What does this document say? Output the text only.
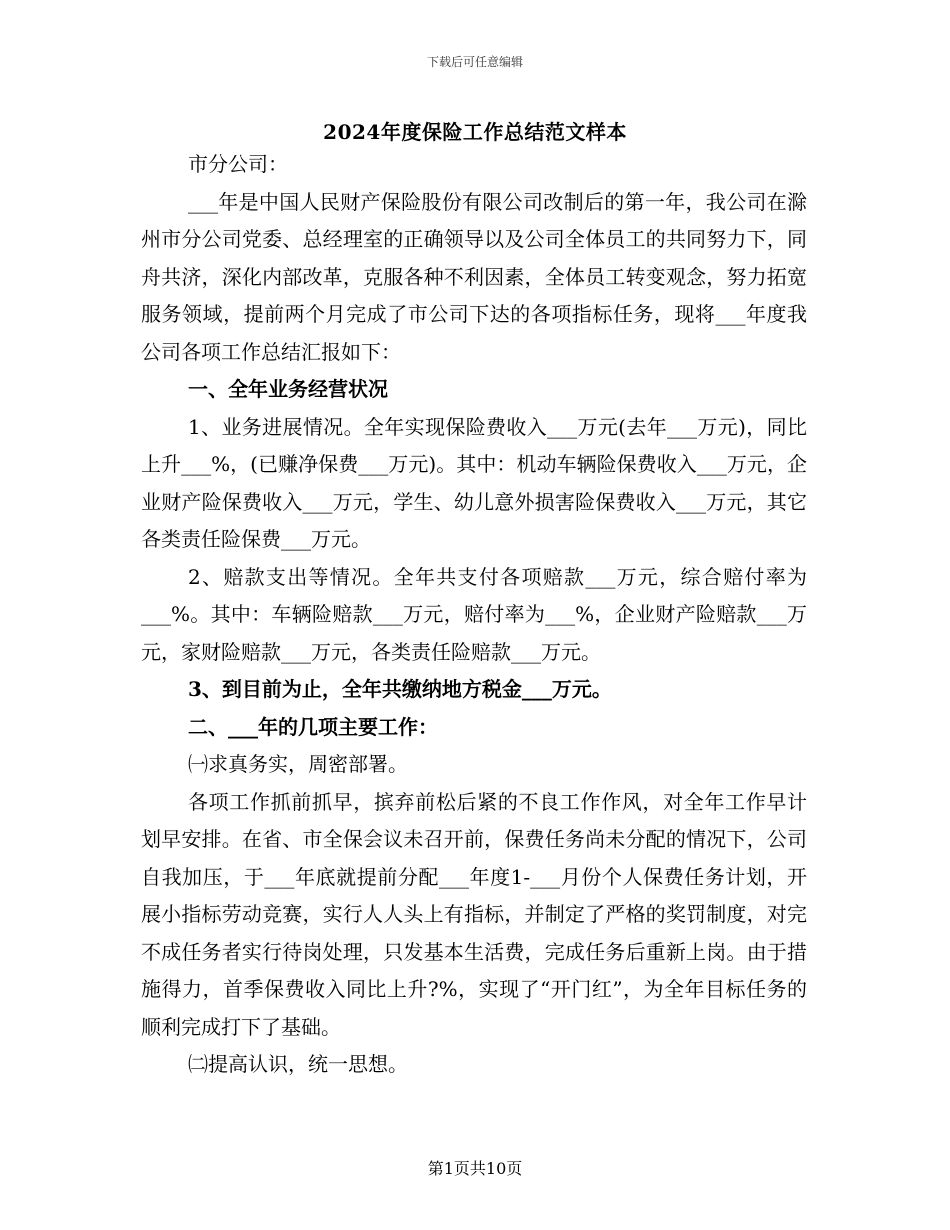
下载后可任意编辑
2024年度保险工作总结范文样本

市分公司：

___年是中国人民财产保险股份有限公司改制后的第一年，我公司在滁州市分公司党委、总经理室的正确领导以及公司全体员工的共同努力下，同舟共济，深化内部改革，克服各种不利因素，全体员工转变观念，努力拓宽服务领域，提前两个月完成了市公司下达的各项指标任务，现将___年度我公司各项工作总结汇报如下：

一、全年业务经营状况

1、业务进展情况。全年实现保险费收入___万元(去年___万元)，同比上升___%，(已赚净保费___万元)。其中：机动车辆险保费收入___万元，企业财产险保费收入___万元，学生、幼儿意外损害险保费收入___万元，其它各类责任险保费___万元。

2、赔款支出等情况。全年共支付各项赔款___万元，综合赔付率为___%。其中：车辆险赔款___万元，赔付率为___%，企业财产险赔款___万元，家财险赔款___万元，各类责任险赔款___万元。

3、到目前为止，全年共缴纳地方税金___万元。

二、___年的几项主要工作：

㈠求真务实，周密部署。

各项工作抓前抓早，摈弃前松后紧的不良工作作风，对全年工作早计划早安排。在省、市全保会议未召开前，保费任务尚未分配的情况下，公司自我加压，于___年底就提前分配___年度1-___月份个人保费任务计划，开展小指标劳动竞赛，实行人人头上有指标，并制定了严格的奖罚制度，对完不成任务者实行待岗处理，只发基本生活费，完成任务后重新上岗。由于措施得力，首季保费收入同比上升?%，实现了“开门红”，为全年目标任务的顺利完成打下了基础。

㈡提高认识，统一思想。

第1页共10页
